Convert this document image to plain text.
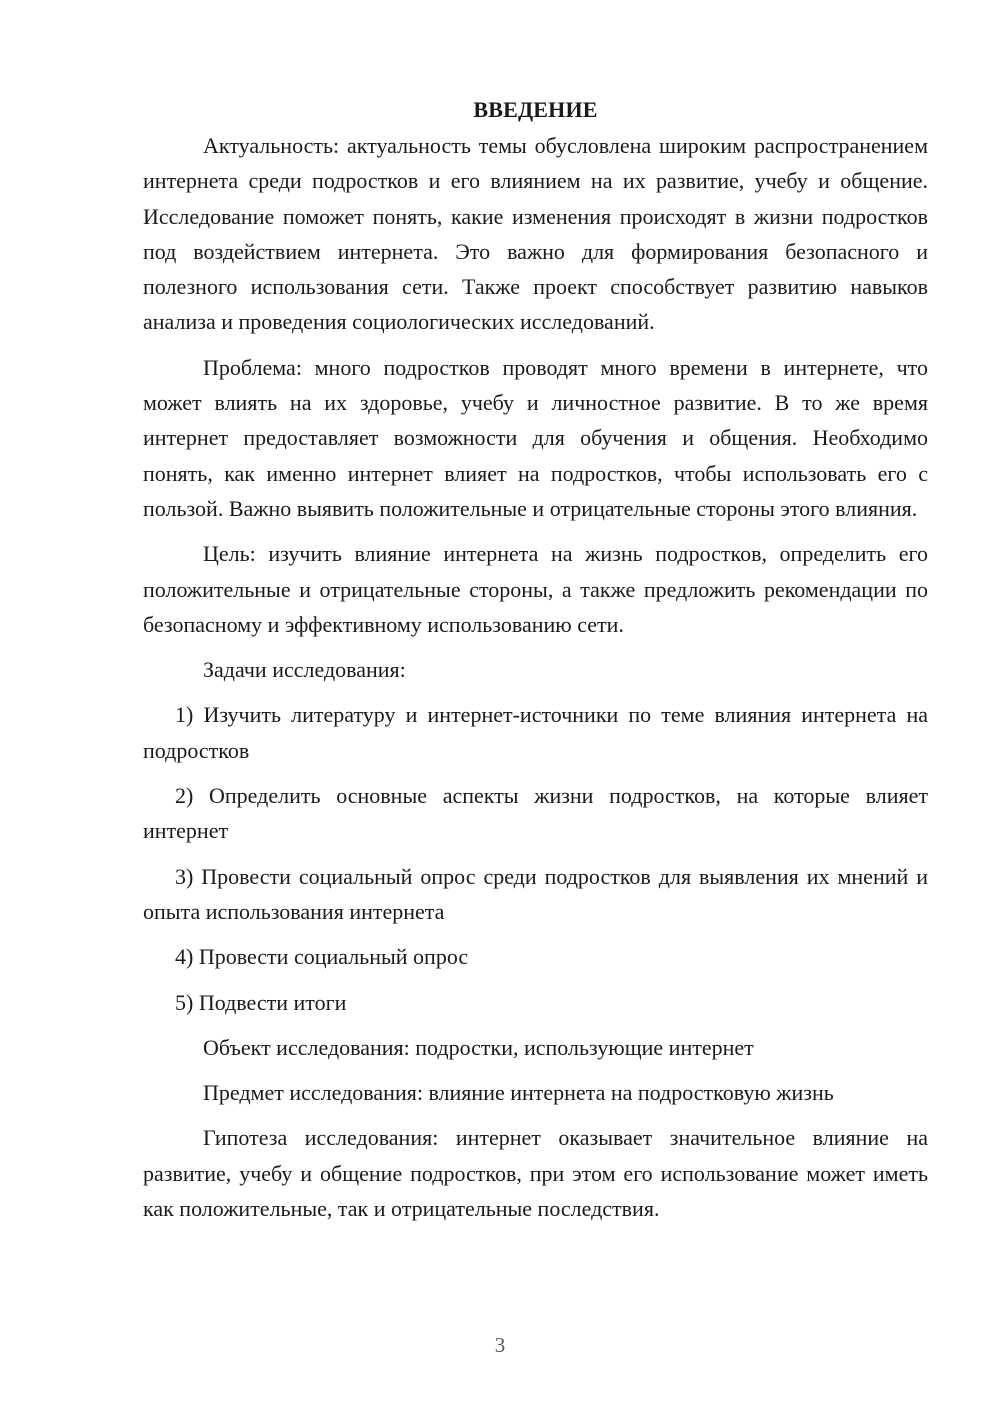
ВВЕДЕНИЕ

Актуальность: актуальность темы обусловлена широким распространением интернета среди подростков и его влиянием на их развитие, учебу и общение. Исследование поможет понять, какие изменения происходят в жизни подростков под воздействием интернета. Это важно для формирования безопасного и полезного использования сети. Также проект способствует развитию навыков анализа и проведения социологических исследований.

Проблема: много подростков проводят много времени в интернете, что может влиять на их здоровье, учебу и личностное развитие. В то же время интернет предоставляет возможности для обучения и общения. Необходимо понять, как именно интернет влияет на подростков, чтобы использовать его с пользой. Важно выявить положительные и отрицательные стороны этого влияния.

Цель: изучить влияние интернета на жизнь подростков, определить его положительные и отрицательные стороны, а также предложить рекомендации по безопасному и эффективному использованию сети.

Задачи исследования:

1) Изучить литературу и интернет-источники по теме влияния интернета на подростков

2) Определить основные аспекты жизни подростков, на которые влияет интернет

3) Провести социальный опрос среди подростков для выявления их мнений и опыта использования интернета

4) Провести социальный опрос

5) Подвести итоги

Объект исследования: подростки, использующие интернет

Предмет исследования: влияние интернета на подростковую жизнь

Гипотеза исследования: интернет оказывает значительное влияние на развитие, учебу и общение подростков, при этом его использование может иметь как положительные, так и отрицательные последствия.

3
